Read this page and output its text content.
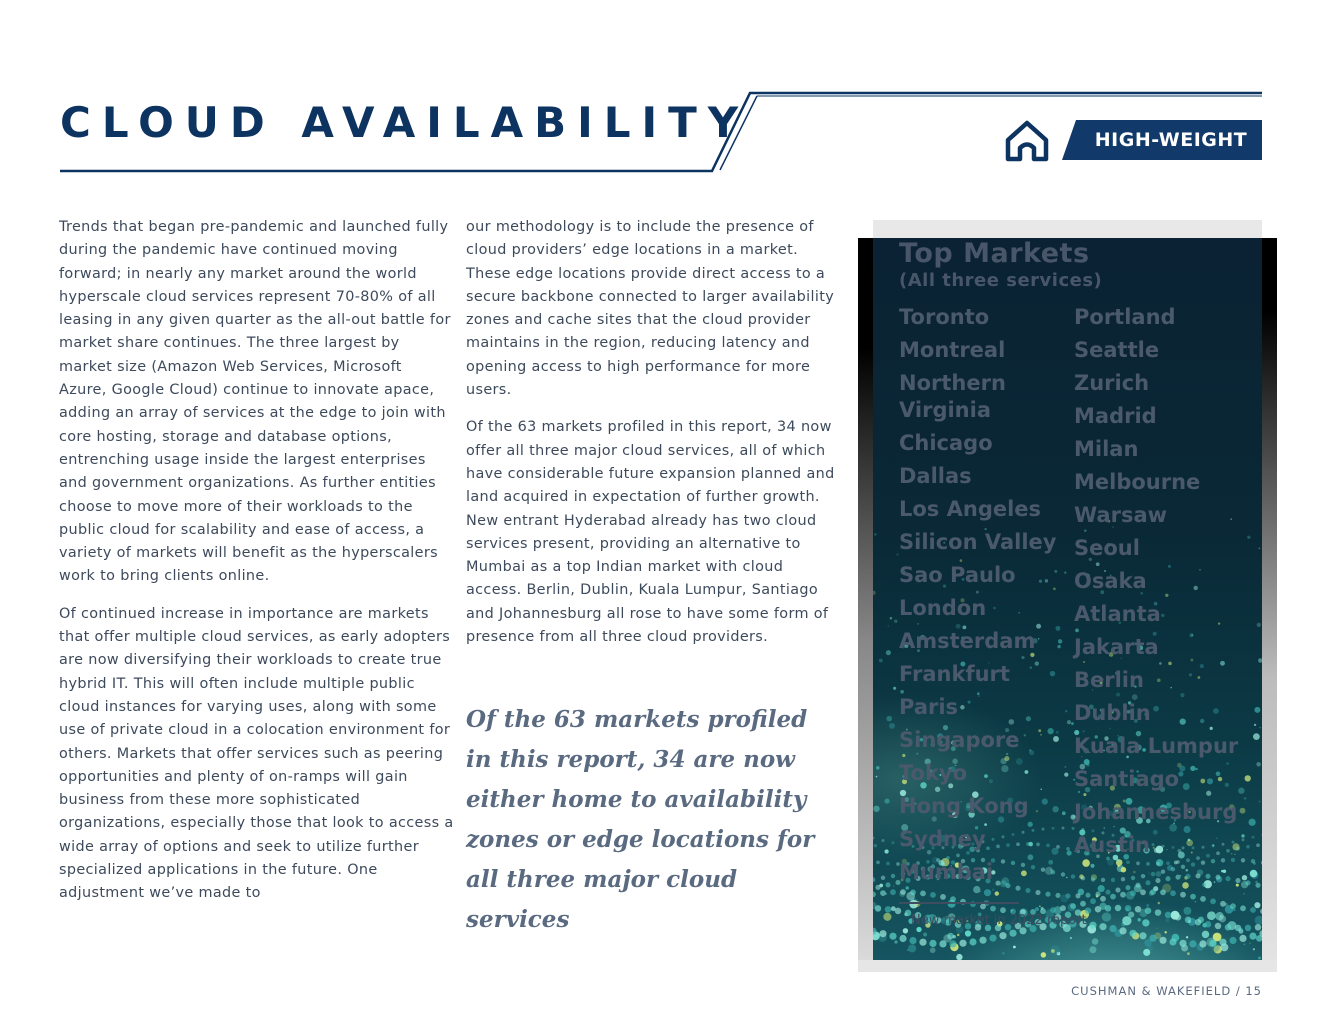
CLOUD AVAILABILITY	HIGH-WEIGHT

Trends that began pre-pandemic and launched fully during the pandemic have continued moving forward; in nearly any market around the world hyperscale cloud services represent 70-80% of all leasing in any given quarter as the all-out battle for market share continues. The three largest by market size (Amazon Web Services, Microsoft Azure, Google Cloud) continue to innovate apace, adding an array of services at the edge to join with core hosting, storage and database options, entrenching usage inside the largest enterprises and government organizations. As further entities choose to move more of their workloads to the public cloud for scalability and ease of access, a variety of markets will benefit as the hyperscalers work to bring clients online.

Of continued increase in importance are markets that offer multiple cloud services, as early adopters are now diversifying their workloads to create true hybrid IT. This will often include multiple public cloud instances for varying uses, along with some use of private cloud in a colocation environment for others. Markets that offer services such as peering opportunities and plenty of on-ramps will gain business from these more sophisticated organizations, especially those that look to access a wide array of options and seek to utilize further specialized applications in the future. One adjustment we’ve made to

our methodology is to include the presence of cloud providers’ edge locations in a market. These edge locations provide direct access to a secure backbone connected to larger availability zones and cache sites that the cloud provider maintains in the region, reducing latency and opening access to high performance for more users.

Of the 63 markets profiled in this report, 34 now offer all three major cloud services, all of which have considerable future expansion planned and land acquired in expectation of further growth. New entrant Hyderabad already has two cloud services present, providing an alternative to Mumbai as a top Indian market with cloud access. Berlin, Dublin, Kuala Lumpur, Santiago and Johannesburg all rose to have some form of presence from all three cloud providers.

Of the 63 markets profiled in this report, 34 are now either home to availability zones or edge locations for all three major cloud services

Top Markets

(All three services)

Toronto
Montreal
Northern Virginia
Chicago
Dallas
Los Angeles
Silicon Valley
Sao Paulo
London
Amsterdam
Frankfurt
Paris
Singapore
Tokyo
Hong Kong
Sydney
Mumbai
Portland
Seattle
Zurich
Madrid
Milan
Melbourne
Warsaw
Seoul
Osaka
Atlanta
Jakarta
Berlin
Dublin
Kuala Lumpur
Santiago
Johannesburg
Austin

New market in 2022 report

CUSHMAN & WAKEFIELD / 15
